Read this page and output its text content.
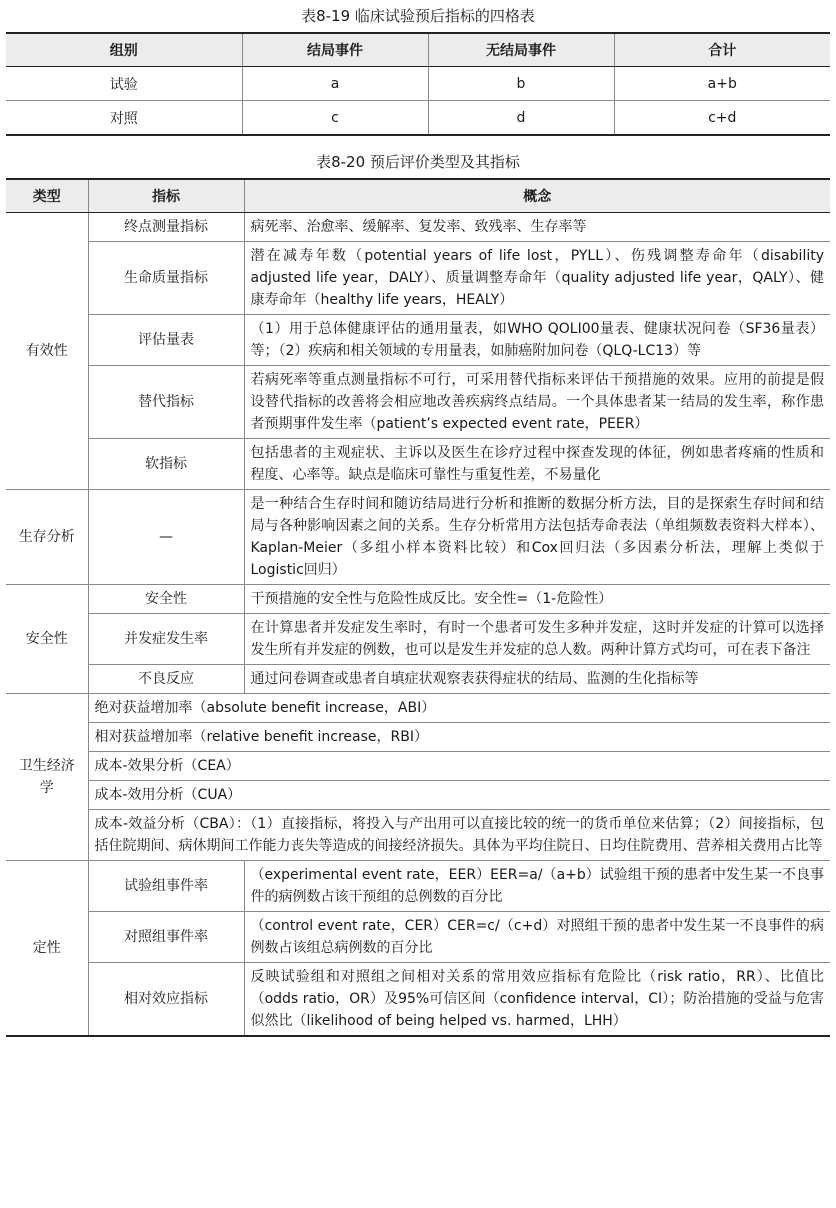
表8-19 临床试验预后指标的四格表
组别	结局事件	无结局事件	合计
试验	a	b	a+b
对照	c	d	c+d
表8-20 预后评价类型及其指标
类型	指标	概念
有效性	终点测量指标	病死率、治愈率、缓解率、复发率、致残率、生存率等
	生命质量指标	潜在减寿年数（potential years of life lost，PYLL）、伤残调整寿命年（disability adjusted life year，DALY）、质量调整寿命年（quality adjusted life year，QALY）、健康寿命年（healthy life years，HEALY）
	评估量表	（1）用于总体健康评估的通用量表，如WHO QOLI00量表、健康状况问卷（SF36量表）等；（2）疾病和相关领域的专用量表，如肺癌附加问卷（QLQ-LC13）等
	替代指标	若病死率等重点测量指标不可行，可采用替代指标来评估干预措施的效果。应用的前提是假设替代指标的改善将会相应地改善疾病终点结局。一个具体患者某一结局的发生率，称作患者预期事件发生率（patient’s expected event rate，PEER）
	软指标	包括患者的主观症状、主诉以及医生在诊疗过程中探查发现的体征，例如患者疼痛的性质和程度、心率等。缺点是临床可靠性与重复性差，不易量化
生存分析	—	是一种结合生存时间和随访结局进行分析和推断的数据分析方法，目的是探索生存时间和结局与各种影响因素之间的关系。生存分析常用方法包括寿命表法（单组频数表资料大样本）、Kaplan-Meier（多组小样本资料比较）和Cox回归法（多因素分析法，理解上类似于Logistic回归）
安全性	安全性	干预措施的安全性与危险性成反比。安全性=（1-危险性）
	并发症发生率	在计算患者并发症发生率时，有时一个患者可发生多种并发症，这时并发症的计算可以选择发生所有并发症的例数，也可以是发生并发症的总人数。两种计算方式均可，可在表下备注
	不良反应	通过问卷调查或患者自填症状观察表获得症状的结局、监测的生化指标等
卫生经济学	绝对获益增加率（absolute benefit increase，ABI）	
	相对获益增加率（relative benefit increase，RBI）	
	成本-效果分析（CEA）	
	成本-效用分析（CUA）	
	成本-效益分析（CBA）：（1）直接指标，将投入与产出用可以直接比较的统一的货币单位来估算；（2）间接指标，包括住院期间、病休期间工作能力丧失等造成的间接经济损失。具体为平均住院日、日均住院费用、营养相关费用占比等	
定性	试验组事件率	（experimental event rate，EER）EER=a/（a+b）试验组干预的患者中发生某一不良事件的病例数占该干预组的总例数的百分比
	对照组事件率	（control event rate，CER）CER=c/（c+d）对照组干预的患者中发生某一不良事件的病例数占该组总病例数的百分比
	相对效应指标	反映试验组和对照组之间相对关系的常用效应指标有危险比（risk ratio，RR）、比值比（odds ratio，OR）及95%可信区间（confidence interval，CI）；防治措施的受益与危害似然比（likelihood of being helped vs. harmed，LHH）
